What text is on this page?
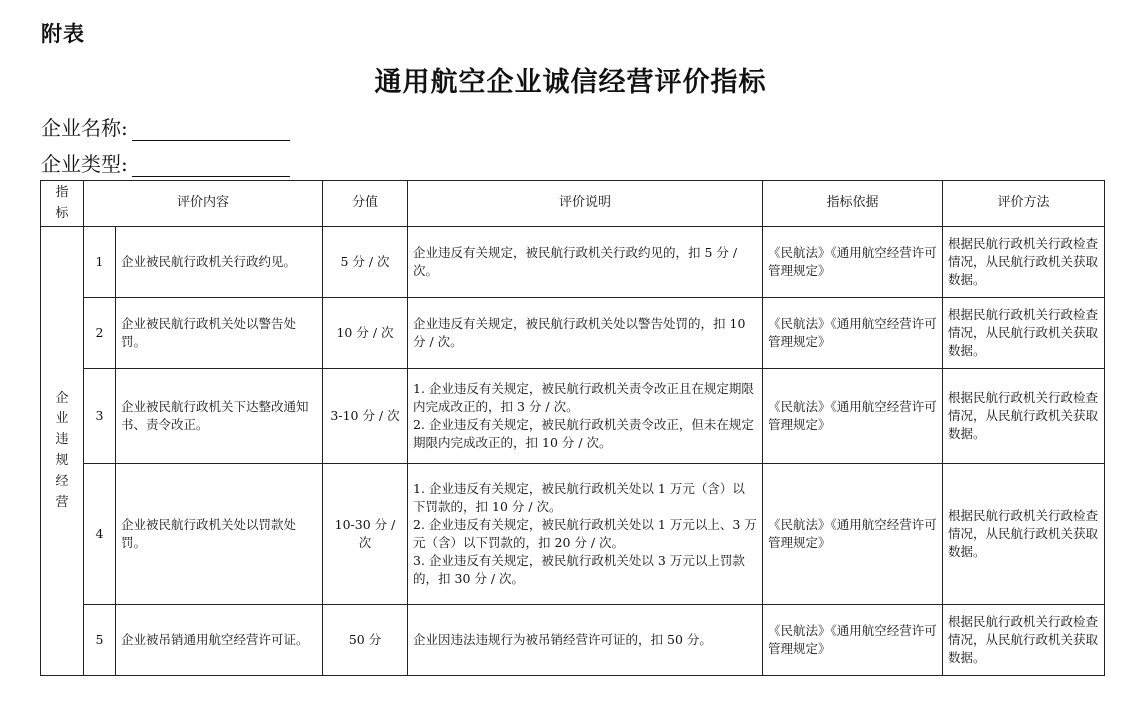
附表
通用航空企业诚信经营评价指标
企业名称:
企业类型:
指标	评价内容		分值	评价说明	指标依据	评价方法
企业违规经营	1	企业被民航行政机关行政约见。	5 分 / 次	企业违反有关规定，被民航行政机关行政约见的，扣 5 分 / 次。	《民航法》《通用航空经营许可管理规定》	根据民航行政机关行政检查情况，从民航行政机关获取数据。
	2	企业被民航行政机关处以警告处罚。	10 分 / 次	企业违反有关规定，被民航行政机关处以警告处罚的，扣 10 分 / 次。	《民航法》《通用航空经营许可管理规定》	根据民航行政机关行政检查情况，从民航行政机关获取数据。
	3	企业被民航行政机关下达整改通知书、责令改正。	3-10 分 / 次	1. 企业违反有关规定，被民航行政机关责令改正且在规定期限内完成改正的，扣 3 分 / 次。
2. 企业违反有关规定，被民航行政机关责令改正，但未在规定期限内完成改正的，扣 10 分 / 次。	《民航法》《通用航空经营许可管理规定》	根据民航行政机关行政检查情况，从民航行政机关获取数据。
	4	企业被民航行政机关处以罚款处罚。	10-30 分 / 次	1. 企业违反有关规定，被民航行政机关处以 1 万元（含）以下罚款的，扣 10 分 / 次。
2. 企业违反有关规定，被民航行政机关处以 1 万元以上、3 万元（含）以下罚款的，扣 20 分 / 次。
3. 企业违反有关规定，被民航行政机关处以 3 万元以上罚款的，扣 30 分 / 次。	《民航法》《通用航空经营许可管理规定》	根据民航行政机关行政检查情况，从民航行政机关获取数据。
	5	企业被吊销通用航空经营许可证。	50 分	企业因违法违规行为被吊销经营许可证的，扣 50 分。	《民航法》《通用航空经营许可管理规定》	根据民航行政机关行政检查情况，从民航行政机关获取数据。
